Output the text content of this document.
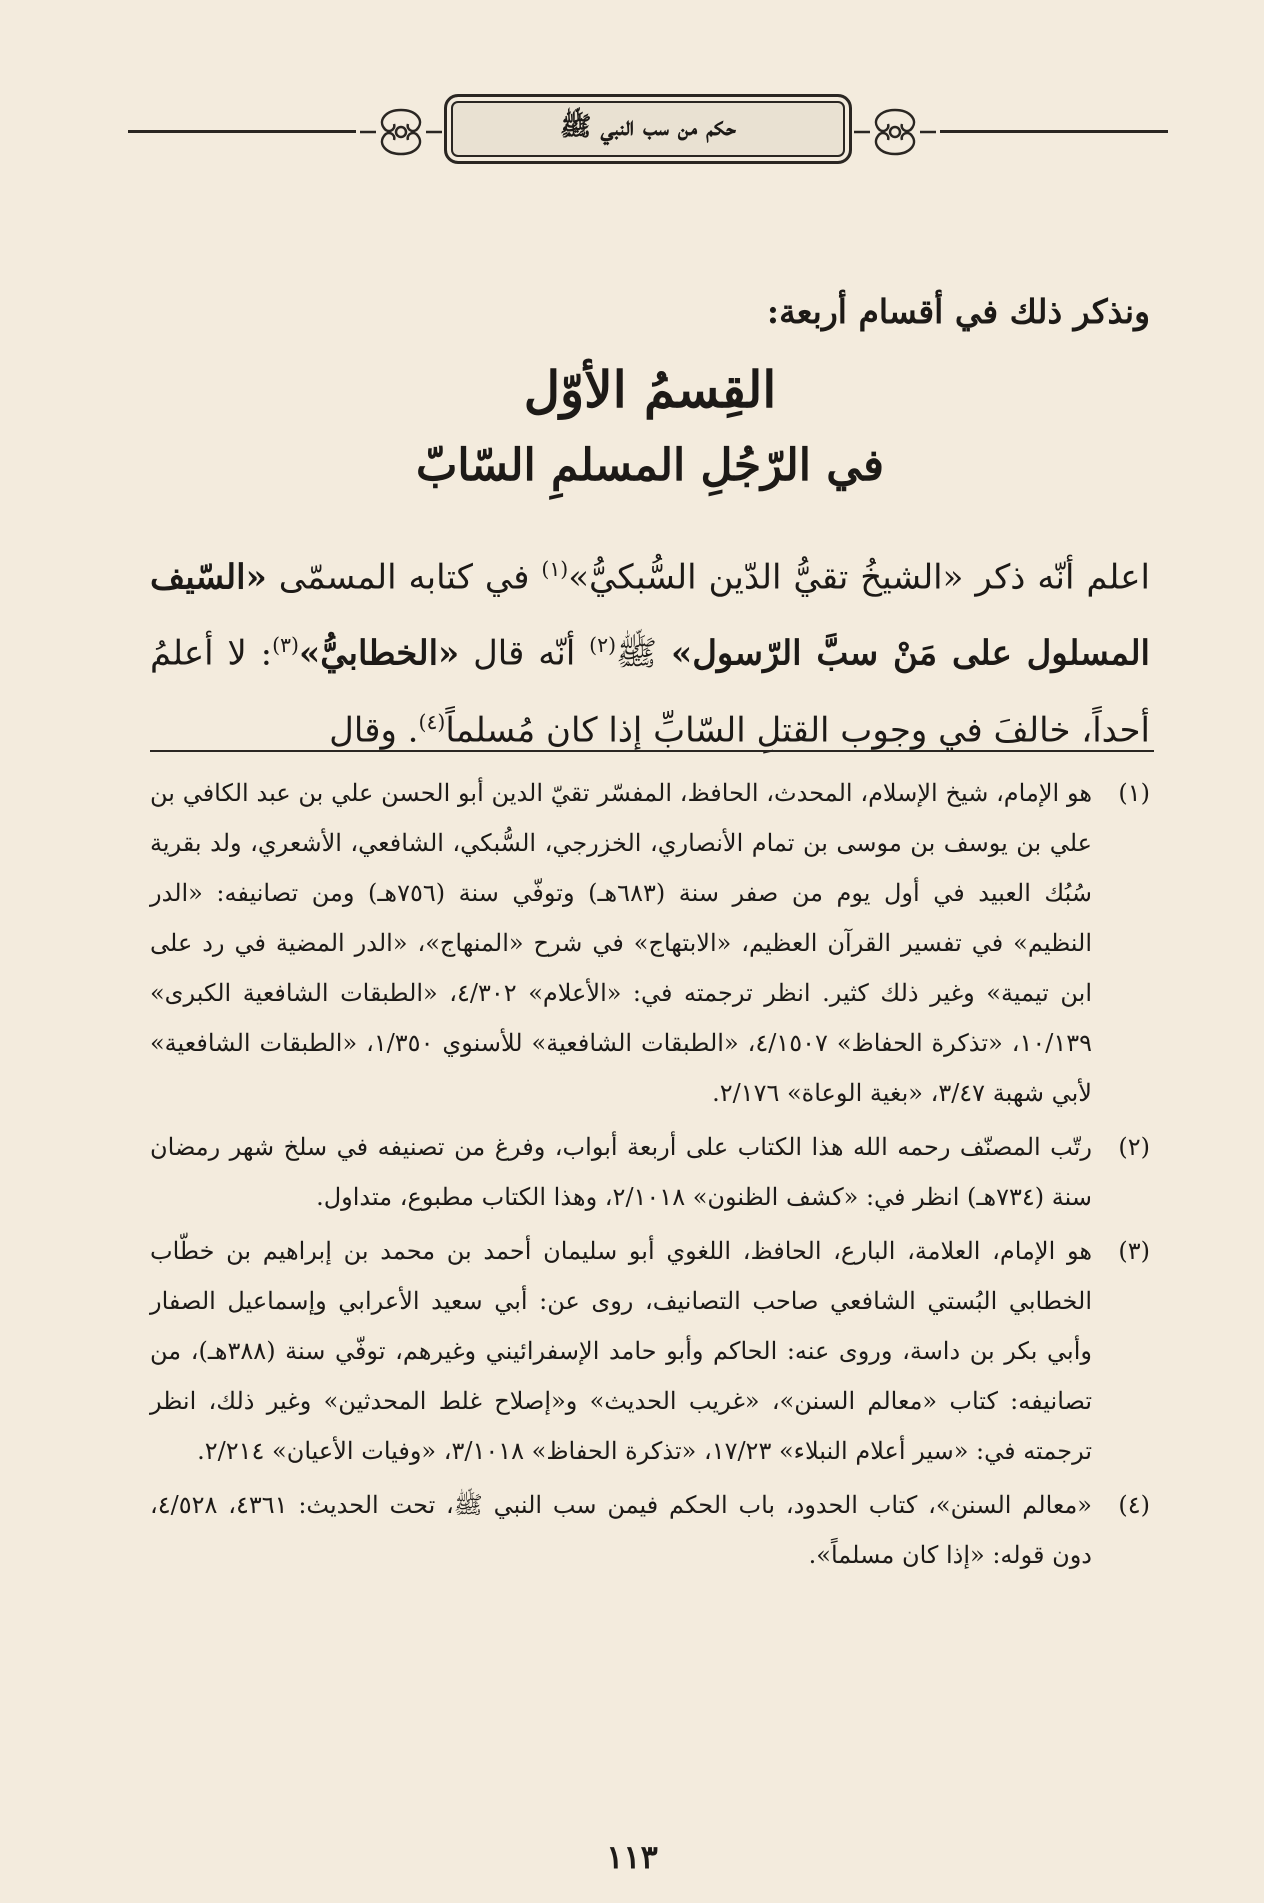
حكم من سب النبي ﷺ
ونذكر ذلك في أقسام أربعة:
القِسمُ الأوّل
في الرّجُلِ المسلمِ السّابّ
اعلم أنّه ذكر «الشيخُ تقيُّ الدّين السُّبكيُّ»$^{(١)}$ في كتابه المسمّى «السّيف المسلول على مَنْ سبَّ الرّسول» ﷺ$^{(٢)}$ أنّه قال «الخطابيُّ»$^{(٣)}$: لا أعلمُ أحداً، خالفَ في وجوب القتلِ السّابِّ إذا كان مُسلماً$^{(٤)}$. وقال
(١)
هو الإمام، شيخ الإسلام، المحدث، الحافظ، المفسّر تقيّ الدين أبو الحسن علي بن عبد الكافي بن علي بن يوسف بن موسى بن تمام الأنصاري، الخزرجي، السُّبكي، الشافعي، الأشعري، ولد بقرية سُبُك العبيد في أول يوم من صفر سنة (٦٨٣هـ) وتوفّي سنة (٧٥٦هـ) ومن تصانيفه: «الدر النظيم» في تفسير القرآن العظيم، «الابتهاج» في شرح «المنهاج»، «الدر المضية في رد على ابن تيمية» وغير ذلك كثير. انظر ترجمته في: «الأعلام» ٤/٣٠٢، «الطبقات الشافعية الكبرى» ١٠/١٣٩، «تذكرة الحفاظ» ٤/١٥٠٧، «الطبقات الشافعية» للأسنوي ١/٣٥٠، «الطبقات الشافعية» لأبي شهبة ٣/٤٧، «بغية الوعاة» ٢/١٧٦.
(٢)
رتّب المصنّف رحمه الله هذا الكتاب على أربعة أبواب، وفرغ من تصنيفه في سلخ شهر رمضان سنة (٧٣٤هـ) انظر في: «كشف الظنون» ٢/١٠١٨، وهذا الكتاب مطبوع، متداول.
(٣)
هو الإمام، العلامة، البارع، الحافظ، اللغوي أبو سليمان أحمد بن محمد بن إبراهيم بن خطّاب الخطابي البُستي الشافعي صاحب التصانيف، روى عن: أبي سعيد الأعرابي وإسماعيل الصفار وأبي بكر بن داسة، وروى عنه: الحاكم وأبو حامد الإسفرائيني وغيرهم، توفّي سنة (٣٨٨هـ)، من تصانيفه: كتاب «معالم السنن»، «غريب الحديث» و«إصلاح غلط المحدثين» وغير ذلك، انظر ترجمته في: «سير أعلام النبلاء» ١٧/٢٣، «تذكرة الحفاظ» ٣/١٠١٨، «وفيات الأعيان» ٢/٢١٤.
(٤)
«معالم السنن»، كتاب الحدود، باب الحكم فيمن سب النبي ﷺ، تحت الحديث: ٤٣٦١، ٤/٥٢٨، دون قوله: «إذا كان مسلماً».
١١٣
